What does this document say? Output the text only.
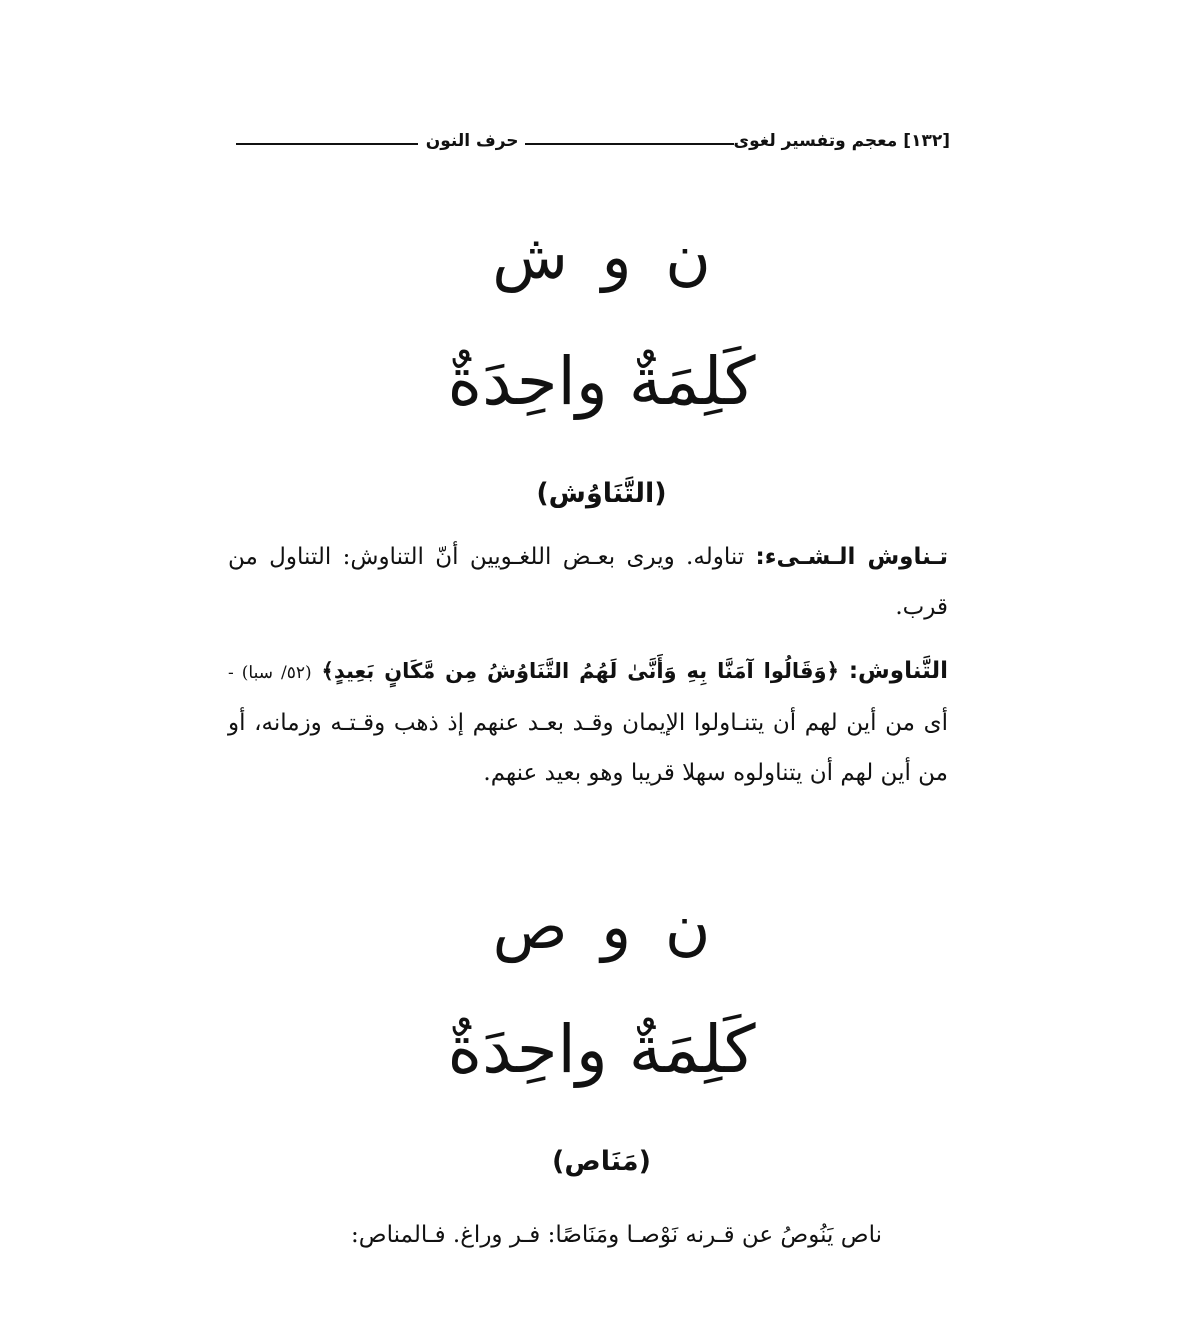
[١٣٢]
معجم وتفسير لغوى
حرف النون
ن و ش
كَلِمَةٌ واحِدَةٌ
(التَّنَاوُش)
تـناوش الـشـىء: تناوله. ويرى بعـض اللغـويين أنّ التناوش: التناول من قرب.
التَّناوش: ﴿وَقَالُوا آمَنَّا بِهِ وَأَنَّىٰ لَهُمُ التَّنَاوُشُ مِن مَّكَانٍ بَعِيدٍ﴾ (٥٢/ سبا) - أى من أين لهم أن يتنـاولوا الإيمان وقـد بعـد عنهم إذ ذهب وقـتـه وزمانه، أو من أين لهم أن يتناولوه سهلا قريبا وهو بعيد عنهم.
ن و ص
كَلِمَةٌ واحِدَةٌ
(مَنَاص)
ناص يَنُوصُ عن قـرنه نَوْصـا ومَنَاصًا: فـر وراغ. فـالمناص:
